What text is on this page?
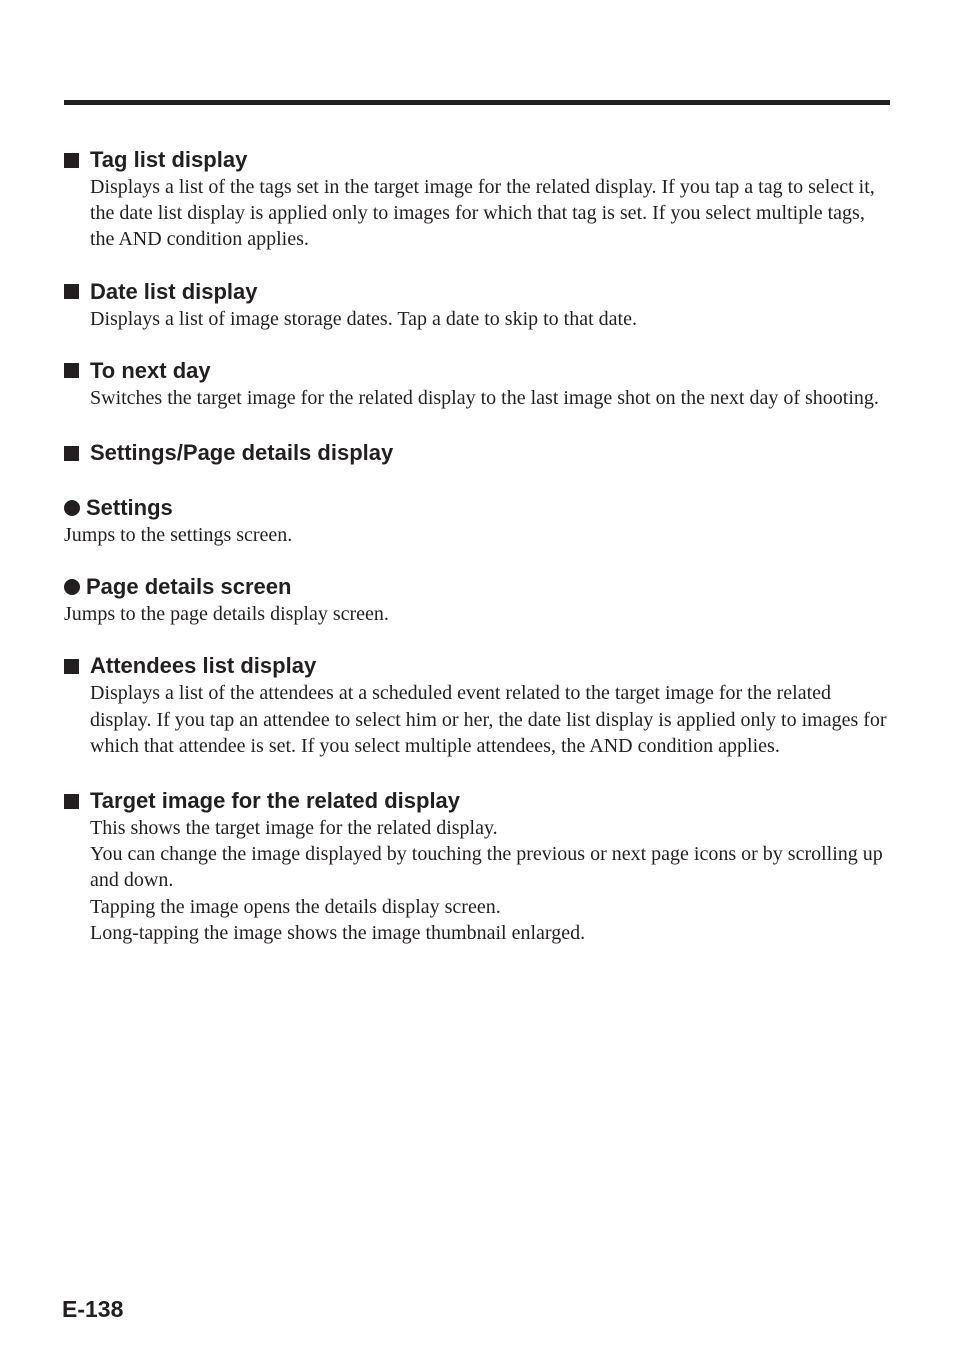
Tag list display

Displays a list of the tags set in the target image for the related display. If you tap a tag to select it, the date list display is applied only to images for which that tag is set. If you select multiple tags, the AND condition applies.

Date list display

Displays a list of image storage dates. Tap a date to skip to that date.

To next day

Switches the target image for the related display to the last image shot on the next day of shooting.

Settings/Page details display
Settings

Jumps to the settings screen.

Page details screen

Jumps to the page details display screen.

Attendees list display

Displays a list of the attendees at a scheduled event related to the target image for the related display. If you tap an attendee to select him or her, the date list display is applied only to images for which that attendee is set. If you select multiple attendees, the AND condition applies.

Target image for the related display

This shows the target image for the related display.

You can change the image displayed by touching the previous or next page icons or by scrolling up and down.

Tapping the image opens the details display screen.

Long-tapping the image shows the image thumbnail enlarged.

E-138
